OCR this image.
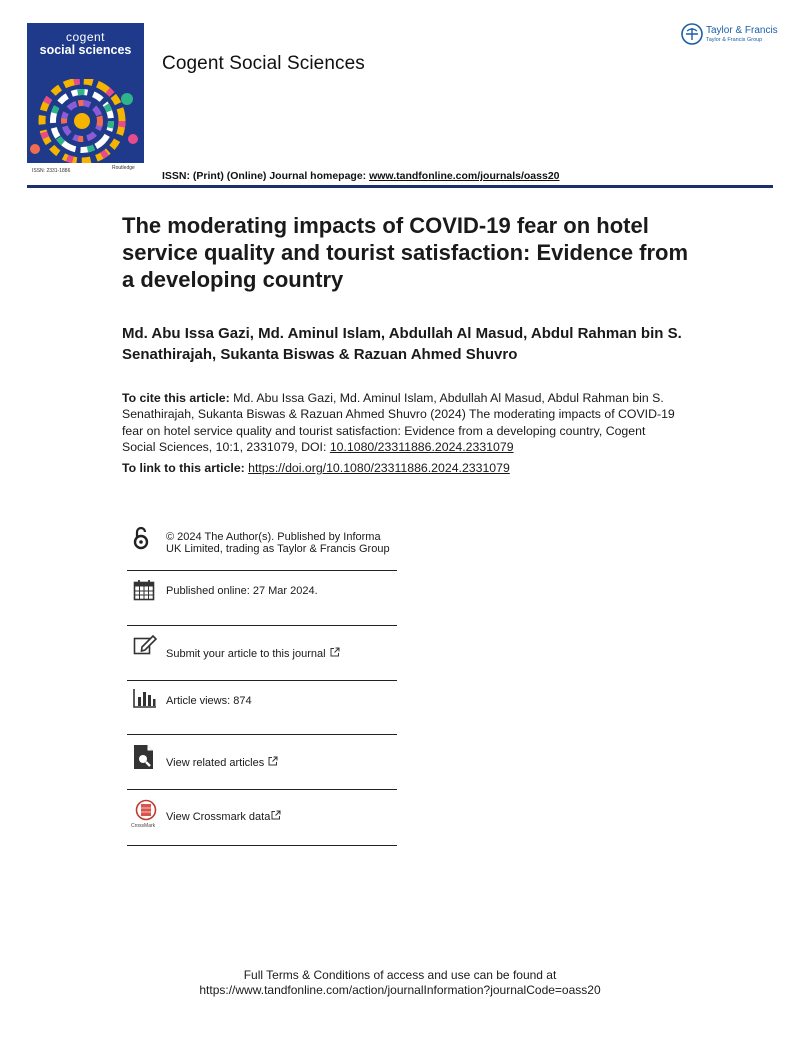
cogent
social sciences
ISSN: 2331-1886	Routledge
Cogent Social Sciences
ISSN: (Print) (Online) Journal homepage: www.tandfonline.com/journals/oass20
Taylor & Francis
Taylor & Francis Group
The moderating impacts of COVID-19 fear on hotel service quality and tourist satisfaction: Evidence from a developing country
Md. Abu Issa Gazi, Md. Aminul Islam, Abdullah Al Masud, Abdul Rahman bin S. Senathirajah, Sukanta Biswas & Razuan Ahmed Shuvro
To cite this article: Md. Abu Issa Gazi, Md. Aminul Islam, Abdullah Al Masud, Abdul Rahman bin S. Senathirajah, Sukanta Biswas & Razuan Ahmed Shuvro (2024) The moderating impacts of COVID-19 fear on hotel service quality and tourist satisfaction: Evidence from a developing country, Cogent Social Sciences, 10:1, 2331079, DOI: 10.1080/23311886.2024.2331079
To link to this article: https://doi.org/10.1080/23311886.2024.2331079
© 2024 The Author(s). Published by Informa UK Limited, trading as Taylor & Francis Group
Published online: 27 Mar 2024.
Submit your article to this journal
Article views: 874
View related articles
CrossMark
View Crossmark data
Full Terms & Conditions of access and use can be found at
https://www.tandfonline.com/action/journalInformation?journalCode=oass20
